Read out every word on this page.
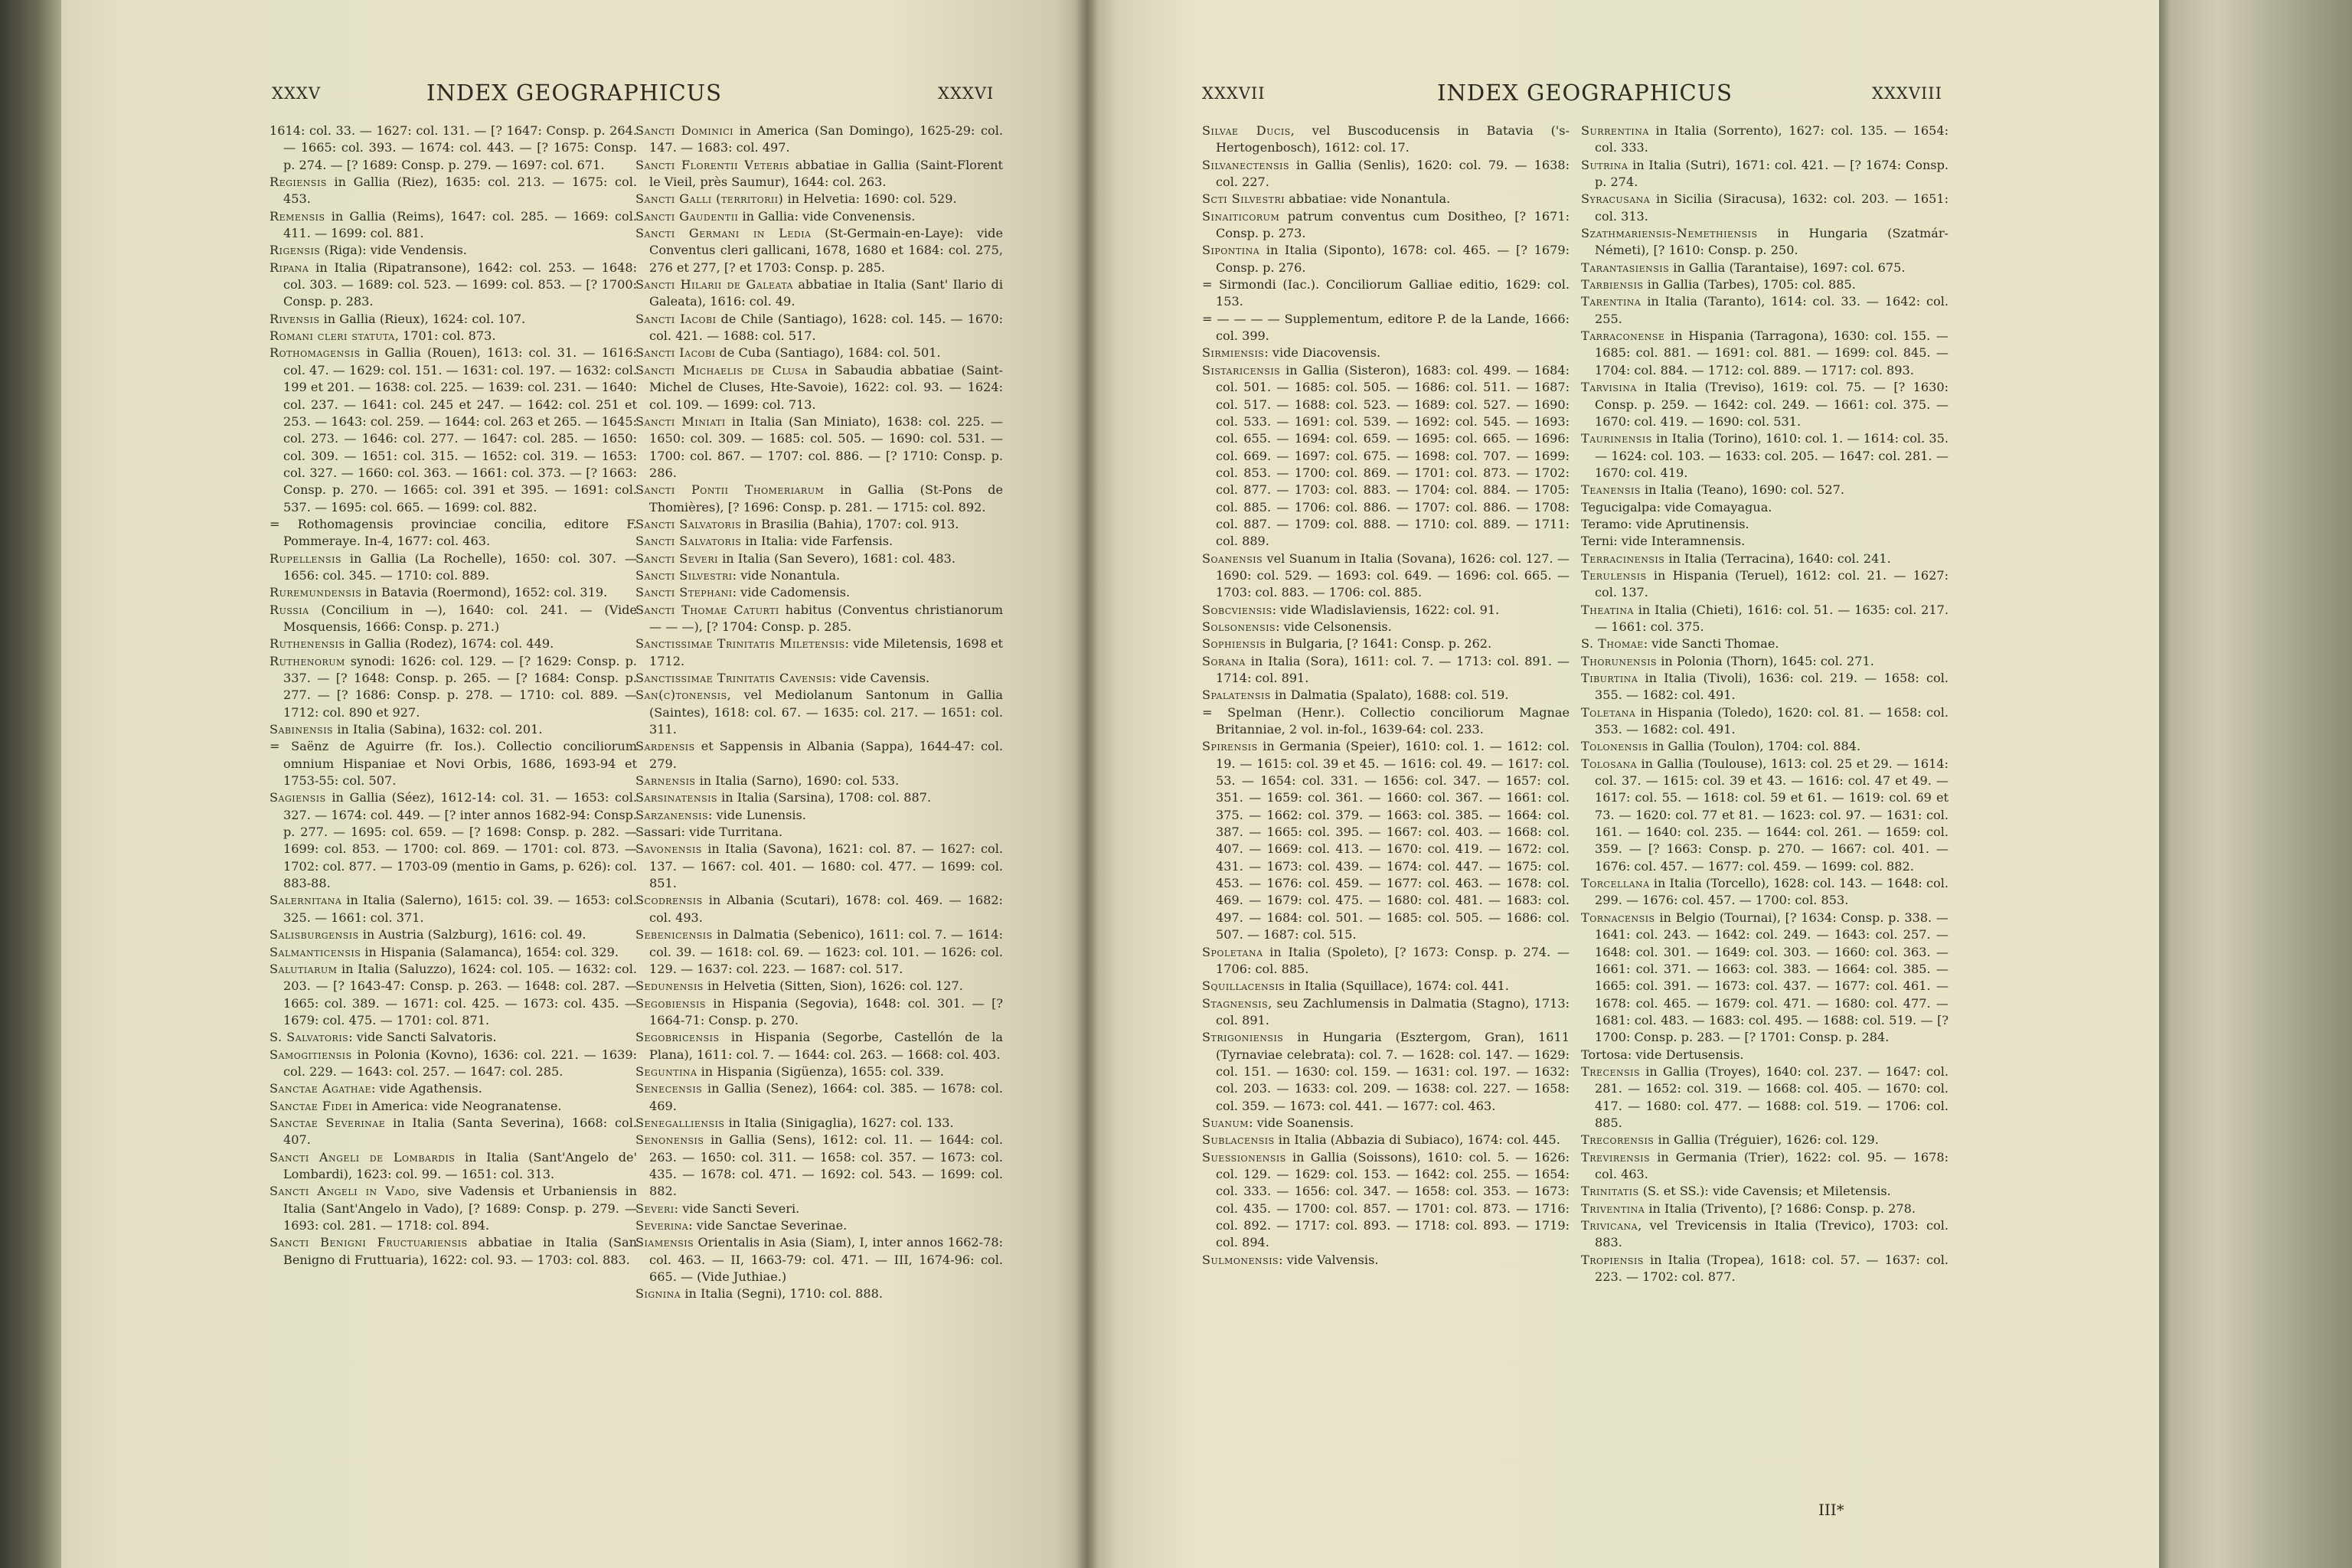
XXXV	INDEX GEOGRAPHICUS	XXXVI
1614: col. 33. — 1627: col. 131. — [? 1647: Consp. p. 264. — 1665: col. 393. — 1674: col. 443. — [? 1675: Consp. p. 274. — [? 1689: Consp. p. 279. — 1697: col. 671.
Regiensis in Gallia (Riez), 1635: col. 213. — 1675: col. 453.
Remensis in Gallia (Reims), 1647: col. 285. — 1669: col. 411. — 1699: col. 881.
Rigensis (Riga): vide Vendensis.
Ripana in Italia (Ripatransone), 1642: col. 253. — 1648: col. 303. — 1689: col. 523. — 1699: col. 853. — [? 1700: Consp. p. 283.
Rivensis in Gallia (Rieux), 1624: col. 107.
Romani cleri statuta, 1701: col. 873.
Rothomagensis in Gallia (Rouen), 1613: col. 31. — 1616: col. 47. — 1629: col. 151. — 1631: col. 197. — 1632: col. 199 et 201. — 1638: col. 225. — 1639: col. 231. — 1640: col. 237. — 1641: col. 245 et 247. — 1642: col. 251 et 253. — 1643: col. 259. — 1644: col. 263 et 265. — 1645: col. 273. — 1646: col. 277. — 1647: col. 285. — 1650: col. 309. — 1651: col. 315. — 1652: col. 319. — 1653: col. 327. — 1660: col. 363. — 1661: col. 373. — [? 1663: Consp. p. 270. — 1665: col. 391 et 395. — 1691: col. 537. — 1695: col. 665. — 1699: col. 882.
= Rothomagensis provinciae concilia, editore F. Pommeraye. In-4, 1677: col. 463.
Rupellensis in Gallia (La Rochelle), 1650: col. 307. — 1656: col. 345. — 1710: col. 889.
Ruremundensis in Batavia (Roermond), 1652: col. 319.
Russia (Concilium in —), 1640: col. 241. — (Vide Mosquensis, 1666: Consp. p. 271.)
Ruthenensis in Gallia (Rodez), 1674: col. 449.
Ruthenorum synodi: 1626: col. 129. — [? 1629: Consp. p. 337. — [? 1648: Consp. p. 265. — [? 1684: Consp. p. 277. — [? 1686: Consp. p. 278. — 1710: col. 889. — 1712: col. 890 et 927.
Sabinensis in Italia (Sabina), 1632: col. 201.
= Saënz de Aguirre (fr. Ios.). Collectio conciliorum omnium Hispaniae et Novi Orbis, 1686, 1693-94 et 1753-55: col. 507.
Sagiensis in Gallia (Séez), 1612-14: col. 31. — 1653: col. 327. — 1674: col. 449. — [? inter annos 1682-94: Consp. p. 277. — 1695: col. 659. — [? 1698: Consp. p. 282. — 1699: col. 853. — 1700: col. 869. — 1701: col. 873. — 1702: col. 877. — 1703-09 (mentio in Gams, p. 626): col. 883-88.
Salernitana in Italia (Salerno), 1615: col. 39. — 1653: col. 325. — 1661: col. 371.
Salisburgensis in Austria (Salzburg), 1616: col. 49.
Salmanticensis in Hispania (Salamanca), 1654: col. 329.
Salutiarum in Italia (Saluzzo), 1624: col. 105. — 1632: col. 203. — [? 1643-47: Consp. p. 263. — 1648: col. 287. — 1665: col. 389. — 1671: col. 425. — 1673: col. 435. — 1679: col. 475. — 1701: col. 871.
S. Salvatoris: vide Sancti Salvatoris.
Samogitiensis in Polonia (Kovno), 1636: col. 221. — 1639: col. 229. — 1643: col. 257. — 1647: col. 285.
Sanctae Agathae: vide Agathensis.
Sanctae Fidei in America: vide Neogranatense.
Sanctae Severinae in Italia (Santa Severina), 1668: col. 407.
Sancti Angeli de Lombardis in Italia (Sant'Angelo de' Lombardi), 1623: col. 99. — 1651: col. 313.
Sancti Angeli in Vado, sive Vadensis et Urbaniensis in Italia (Sant'Angelo in Vado), [? 1689: Consp. p. 279. — 1693: col. 281. — 1718: col. 894.
Sancti Benigni Fructuariensis abbatiae in Italia (San Benigno di Fruttuaria), 1622: col. 93. — 1703: col. 883.
Sancti Dominici in America (San Domingo), 1625-29: col. 147. — 1683: col. 497.
Sancti Florentii Veteris abbatiae in Gallia (Saint-Florent le Vieil, près Saumur), 1644: col. 263.
Sancti Galli (territorii) in Helvetia: 1690: col. 529.
Sancti Gaudentii in Gallia: vide Convenensis.
Sancti Germani in Ledia (St-Germain-en-Laye): vide Conventus cleri gallicani, 1678, 1680 et 1684: col. 275, 276 et 277, [? et 1703: Consp. p. 285.
Sancti Hilarii de Galeata abbatiae in Italia (Sant' Ilario di Galeata), 1616: col. 49.
Sancti Iacobi de Chile (Santiago), 1628: col. 145. — 1670: col. 421. — 1688: col. 517.
Sancti Iacobi de Cuba (Santiago), 1684: col. 501.
Sancti Michaelis de Clusa in Sabaudia abbatiae (Saint-Michel de Cluses, Hte-Savoie), 1622: col. 93. — 1624: col. 109. — 1699: col. 713.
Sancti Miniati in Italia (San Miniato), 1638: col. 225. — 1650: col. 309. — 1685: col. 505. — 1690: col. 531. — 1700: col. 867. — 1707: col. 886. — [? 1710: Consp. p. 286.
Sancti Pontii Thomeriarum in Gallia (St-Pons de Thomières), [? 1696: Consp. p. 281. — 1715: col. 892.
Sancti Salvatoris in Brasilia (Bahia), 1707: col. 913.
Sancti Salvatoris in Italia: vide Farfensis.
Sancti Severi in Italia (San Severo), 1681: col. 483.
Sancti Silvestri: vide Nonantula.
Sancti Stephani: vide Cadomensis.
Sancti Thomae Caturti habitus (Conventus christianorum — — —), [? 1704: Consp. p. 285.
Sanctissimae Trinitatis Miletensis: vide Miletensis, 1698 et 1712.
Sanctissimae Trinitatis Cavensis: vide Cavensis.
San(c)tonensis, vel Mediolanum Santonum in Gallia (Saintes), 1618: col. 67. — 1635: col. 217. — 1651: col. 311.
Sardensis et Sappensis in Albania (Sappa), 1644-47: col. 279.
Sarnensis in Italia (Sarno), 1690: col. 533.
Sarsinatensis in Italia (Sarsina), 1708: col. 887.
Sarzanensis: vide Lunensis.
Sassari: vide Turritana.
Savonensis in Italia (Savona), 1621: col. 87. — 1627: col. 137. — 1667: col. 401. — 1680: col. 477. — 1699: col. 851.
Scodrensis in Albania (Scutari), 1678: col. 469. — 1682: col. 493.
Sebenicensis in Dalmatia (Sebenico), 1611: col. 7. — 1614: col. 39. — 1618: col. 69. — 1623: col. 101. — 1626: col. 129. — 1637: col. 223. — 1687: col. 517.
Sedunensis in Helvetia (Sitten, Sion), 1626: col. 127.
Segobiensis in Hispania (Segovia), 1648: col. 301. — [? 1664-71: Consp. p. 270.
Segobricensis in Hispania (Segorbe, Castellón de la Plana), 1611: col. 7. — 1644: col. 263. — 1668: col. 403.
Seguntina in Hispania (Sigüenza), 1655: col. 339.
Senecensis in Gallia (Senez), 1664: col. 385. — 1678: col. 469.
Senegalliensis in Italia (Sinigaglia), 1627: col. 133.
Senonensis in Gallia (Sens), 1612: col. 11. — 1644: col. 263. — 1650: col. 311. — 1658: col. 357. — 1673: col. 435. — 1678: col. 471. — 1692: col. 543. — 1699: col. 882.
Severi: vide Sancti Severi.
Severina: vide Sanctae Severinae.
Siamensis Orientalis in Asia (Siam), I, inter annos 1662-78: col. 463. — II, 1663-79: col. 471. — III, 1674-96: col. 665. — (Vide Juthiae.)
Signina in Italia (Segni), 1710: col. 888.
XXXVII	INDEX GEOGRAPHICUS	XXXVIII
Silvae Ducis, vel Buscoducensis in Batavia ('s-Hertogenbosch), 1612: col. 17.
Silvanectensis in Gallia (Senlis), 1620: col. 79. — 1638: col. 227.
Scti Silvestri abbatiae: vide Nonantula.
Sinaiticorum patrum conventus cum Dositheo, [? 1671: Consp. p. 273.
Sipontina in Italia (Siponto), 1678: col. 465. — [? 1679: Consp. p. 276.
= Sirmondi (Iac.). Conciliorum Galliae editio, 1629: col. 153.
= — — — — Supplementum, editore P. de la Lande, 1666: col. 399.
Sirmiensis: vide Diacovensis.
Sistaricensis in Gallia (Sisteron), 1683: col. 499. — 1684: col. 501. — 1685: col. 505. — 1686: col. 511. — 1687: col. 517. — 1688: col. 523. — 1689: col. 527. — 1690: col. 533. — 1691: col. 539. — 1692: col. 545. — 1693: col. 655. — 1694: col. 659. — 1695: col. 665. — 1696: col. 669. — 1697: col. 675. — 1698: col. 707. — 1699: col. 853. — 1700: col. 869. — 1701: col. 873. — 1702: col. 877. — 1703: col. 883. — 1704: col. 884. — 1705: col. 885. — 1706: col. 886. — 1707: col. 886. — 1708: col. 887. — 1709: col. 888. — 1710: col. 889. — 1711: col. 889.
Soanensis vel Suanum in Italia (Sovana), 1626: col. 127. — 1690: col. 529. — 1693: col. 649. — 1696: col. 665. — 1703: col. 883. — 1706: col. 885.
Sobcviensis: vide Wladislaviensis, 1622: col. 91.
Solsonensis: vide Celsonensis.
Sophiensis in Bulgaria, [? 1641: Consp. p. 262.
Sorana in Italia (Sora), 1611: col. 7. — 1713: col. 891. — 1714: col. 891.
Spalatensis in Dalmatia (Spalato), 1688: col. 519.
= Spelman (Henr.). Collectio conciliorum Magnae Britanniae, 2 vol. in-fol., 1639-64: col. 233.
Spirensis in Germania (Speier), 1610: col. 1. — 1612: col. 19. — 1615: col. 39 et 45. — 1616: col. 49. — 1617: col. 53. — 1654: col. 331. — 1656: col. 347. — 1657: col. 351. — 1659: col. 361. — 1660: col. 367. — 1661: col. 375. — 1662: col. 379. — 1663: col. 385. — 1664: col. 387. — 1665: col. 395. — 1667: col. 403. — 1668: col. 407. — 1669: col. 413. — 1670: col. 419. — 1672: col. 431. — 1673: col. 439. — 1674: col. 447. — 1675: col. 453. — 1676: col. 459. — 1677: col. 463. — 1678: col. 469. — 1679: col. 475. — 1680: col. 481. — 1683: col. 497. — 1684: col. 501. — 1685: col. 505. — 1686: col. 507. — 1687: col. 515.
Spoletana in Italia (Spoleto), [? 1673: Consp. p. 274. — 1706: col. 885.
Squillacensis in Italia (Squillace), 1674: col. 441.
Stagnensis, seu Zachlumensis in Dalmatia (Stagno), 1713: col. 891.
Strigoniensis in Hungaria (Esztergom, Gran), 1611 (Tyrnaviae celebrata): col. 7. — 1628: col. 147. — 1629: col. 151. — 1630: col. 159. — 1631: col. 197. — 1632: col. 203. — 1633: col. 209. — 1638: col. 227. — 1658: col. 359. — 1673: col. 441. — 1677: col. 463.
Suanum: vide Soanensis.
Sublacensis in Italia (Abbazia di Subiaco), 1674: col. 445.
Suessionensis in Gallia (Soissons), 1610: col. 5. — 1626: col. 129. — 1629: col. 153. — 1642: col. 255. — 1654: col. 333. — 1656: col. 347. — 1658: col. 353. — 1673: col. 435. — 1700: col. 857. — 1701: col. 873. — 1716: col. 892. — 1717: col. 893. — 1718: col. 893. — 1719: col. 894.
Sulmonensis: vide Valvensis.
Surrentina in Italia (Sorrento), 1627: col. 135. — 1654: col. 333.
Sutrina in Italia (Sutri), 1671: col. 421. — [? 1674: Consp. p. 274.
Syracusana in Sicilia (Siracusa), 1632: col. 203. — 1651: col. 313.
Szathmariensis-Nemethiensis in Hungaria (Szatmár-Németi), [? 1610: Consp. p. 250.
Tarantasiensis in Gallia (Tarantaise), 1697: col. 675.
Tarbiensis in Gallia (Tarbes), 1705: col. 885.
Tarentina in Italia (Taranto), 1614: col. 33. — 1642: col. 255.
Tarraconense in Hispania (Tarragona), 1630: col. 155. — 1685: col. 881. — 1691: col. 881. — 1699: col. 845. — 1704: col. 884. — 1712: col. 889. — 1717: col. 893.
Tarvisina in Italia (Treviso), 1619: col. 75. — [? 1630: Consp. p. 259. — 1642: col. 249. — 1661: col. 375. — 1670: col. 419. — 1690: col. 531.
Taurinensis in Italia (Torino), 1610: col. 1. — 1614: col. 35. — 1624: col. 103. — 1633: col. 205. — 1647: col. 281. — 1670: col. 419.
Teanensis in Italia (Teano), 1690: col. 527.
Tegucigalpa: vide Comayagua.
Teramo: vide Aprutinensis.
Terni: vide Interamnensis.
Terracinensis in Italia (Terracina), 1640: col. 241.
Terulensis in Hispania (Teruel), 1612: col. 21. — 1627: col. 137.
Theatina in Italia (Chieti), 1616: col. 51. — 1635: col. 217. — 1661: col. 375.
S. Thomae: vide Sancti Thomae.
Thorunensis in Polonia (Thorn), 1645: col. 271.
Tiburtina in Italia (Tivoli), 1636: col. 219. — 1658: col. 355. — 1682: col. 491.
Toletana in Hispania (Toledo), 1620: col. 81. — 1658: col. 353. — 1682: col. 491.
Tolonensis in Gallia (Toulon), 1704: col. 884.
Tolosana in Gallia (Toulouse), 1613: col. 25 et 29. — 1614: col. 37. — 1615: col. 39 et 43. — 1616: col. 47 et 49. — 1617: col. 55. — 1618: col. 59 et 61. — 1619: col. 69 et 73. — 1620: col. 77 et 81. — 1623: col. 97. — 1631: col. 161. — 1640: col. 235. — 1644: col. 261. — 1659: col. 359. — [? 1663: Consp. p. 270. — 1667: col. 401. — 1676: col. 457. — 1677: col. 459. — 1699: col. 882.
Torcellana in Italia (Torcello), 1628: col. 143. — 1648: col. 299. — 1676: col. 457. — 1700: col. 853.
Tornacensis in Belgio (Tournai), [? 1634: Consp. p. 338. — 1641: col. 243. — 1642: col. 249. — 1643: col. 257. — 1648: col. 301. — 1649: col. 303. — 1660: col. 363. — 1661: col. 371. — 1663: col. 383. — 1664: col. 385. — 1665: col. 391. — 1673: col. 437. — 1677: col. 461. — 1678: col. 465. — 1679: col. 471. — 1680: col. 477. — 1681: col. 483. — 1683: col. 495. — 1688: col. 519. — [? 1700: Consp. p. 283. — [? 1701: Consp. p. 284.
Tortosa: vide Dertusensis.
Trecensis in Gallia (Troyes), 1640: col. 237. — 1647: col. 281. — 1652: col. 319. — 1668: col. 405. — 1670: col. 417. — 1680: col. 477. — 1688: col. 519. — 1706: col. 885.
Trecorensis in Gallia (Tréguier), 1626: col. 129.
Trevirensis in Germania (Trier), 1622: col. 95. — 1678: col. 463.
Trinitatis (S. et SS.): vide Cavensis; et Miletensis.
Triventina in Italia (Trivento), [? 1686: Consp. p. 278.
Trivicana, vel Trevicensis in Italia (Trevico), 1703: col. 883.
Tropiensis in Italia (Tropea), 1618: col. 57. — 1637: col. 223. — 1702: col. 877.
III*
